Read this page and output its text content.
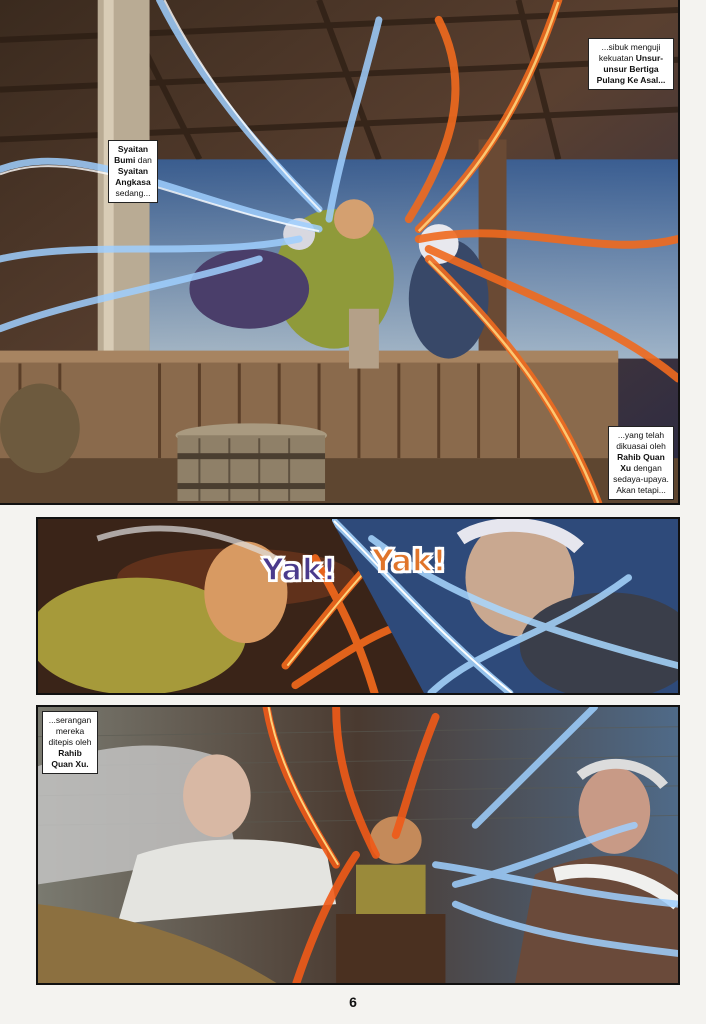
Syaitan
Bumi dan
Syaitan
Angkasa
sedang...
...sibuk menguji
kekuatan Unsur-
unsur Bertiga
Pulang Ke Asal...
...yang telah
dikuasai oleh
Rahib Quan
Xu dengan
sedaya-upaya.
Akan tetapi...
Yak! Yak!
...serangan
mereka
ditepis oleh
Rahib
Quan Xu.
6
